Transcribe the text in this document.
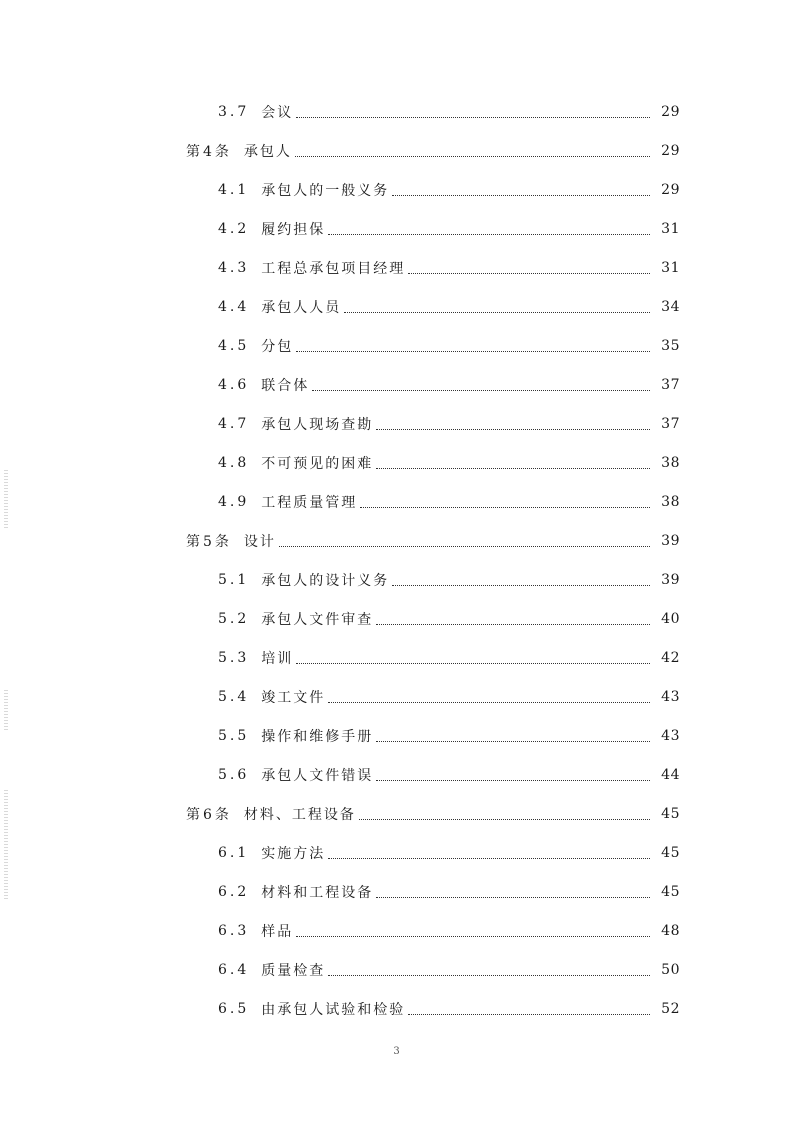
3.7 会议	29
第4条 承包人	29
4.1 承包人的一般义务	29
4.2 履约担保	31
4.3 工程总承包项目经理	31
4.4 承包人人员	34
4.5 分包	35
4.6 联合体	37
4.7 承包人现场查勘	37
4.8 不可预见的困难	38
4.9 工程质量管理	38
第5条 设计	39
5.1 承包人的设计义务	39
5.2 承包人文件审查	40
5.3 培训	42
5.4 竣工文件	43
5.5 操作和维修手册	43
5.6 承包人文件错误	44
第6条 材料、工程设备	45
6.1 实施方法	45
6.2 材料和工程设备	45
6.3 样品	48
6.4 质量检查	50
6.5 由承包人试验和检验	52
3
